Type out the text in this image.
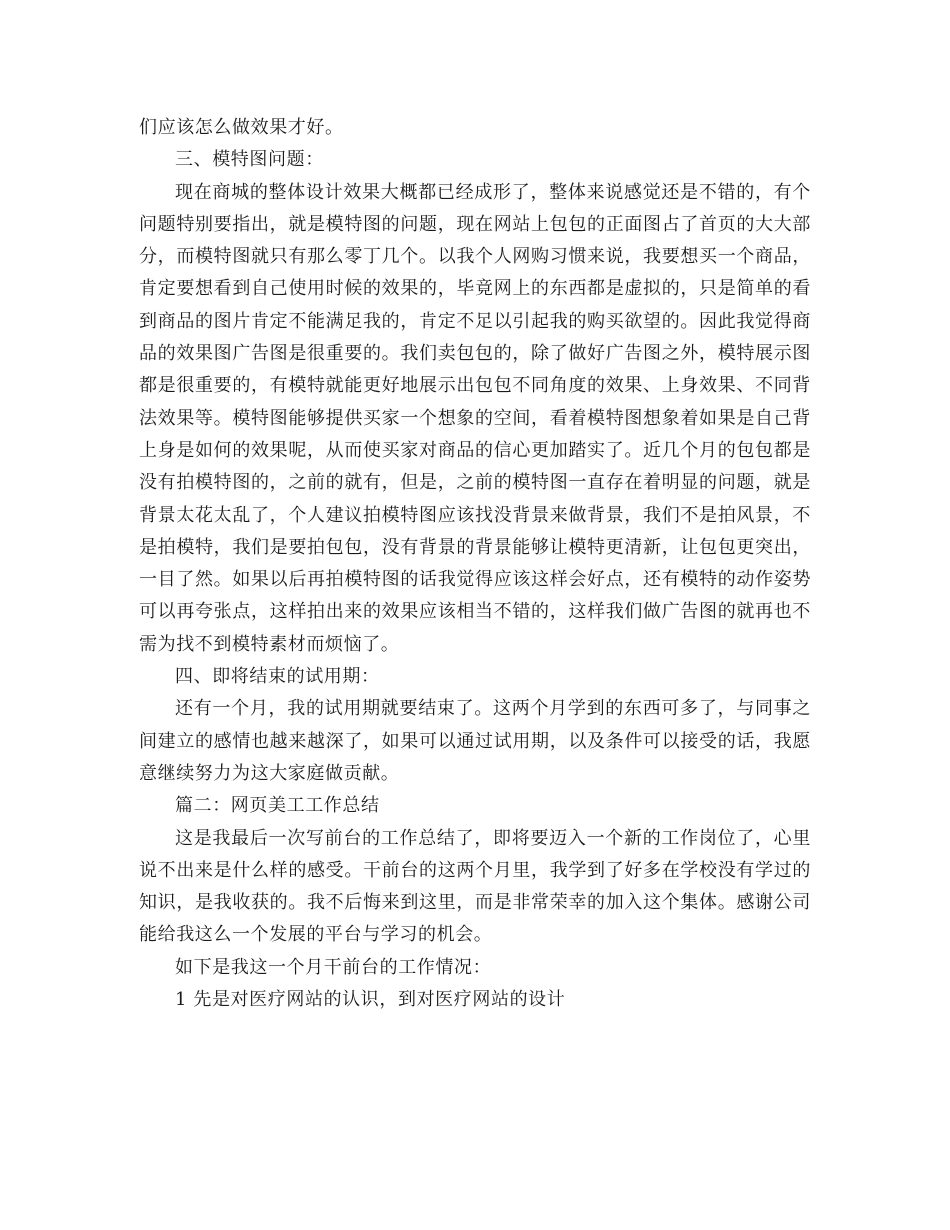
们应该怎么做效果才好。

三、模特图问题：

现在商城的整体设计效果大概都已经成形了，整体来说感觉还是不错的，有个问题特别要指出，就是模特图的问题，现在网站上包包的正面图占了首页的大大部分，而模特图就只有那么零丁几个。以我个人网购习惯来说，我要想买一个商品，肯定要想看到自己使用时候的效果的，毕竟网上的东西都是虚拟的，只是简单的看到商品的图片肯定不能满足我的，肯定不足以引起我的购买欲望的。因此我觉得商品的效果图广告图是很重要的。我们卖包包的，除了做好广告图之外，模特展示图都是很重要的，有模特就能更好地展示出包包不同角度的效果、上身效果、不同背法效果等。模特图能够提供买家一个想象的空间，看着模特图想象着如果是自己背上身是如何的效果呢，从而使买家对商品的信心更加踏实了。近几个月的包包都是没有拍模特图的，之前的就有，但是，之前的模特图一直存在着明显的问题，就是背景太花太乱了，个人建议拍模特图应该找没背景来做背景，我们不是拍风景，不是拍模特，我们是要拍包包，没有背景的背景能够让模特更清新，让包包更突出，一目了然。如果以后再拍模特图的话我觉得应该这样会好点，还有模特的动作姿势可以再夸张点，这样拍出来的效果应该相当不错的，这样我们做广告图的就再也不需为找不到模特素材而烦恼了。

四、即将结束的试用期：

还有一个月，我的试用期就要结束了。这两个月学到的东西可多了，与同事之间建立的感情也越来越深了，如果可以通过试用期，以及条件可以接受的话，我愿意继续努力为这大家庭做贡献。

篇二：网页美工工作总结

这是我最后一次写前台的工作总结了，即将要迈入一个新的工作岗位了，心里说不出来是什么样的感受。干前台的这两个月里，我学到了好多在学校没有学过的知识，是我收获的。我不后悔来到这里，而是非常荣幸的加入这个集体。感谢公司能给我这么一个发展的平台与学习的机会。

如下是我这一个月干前台的工作情况：

1 先是对医疗网站的认识，到对医疗网站的设计
